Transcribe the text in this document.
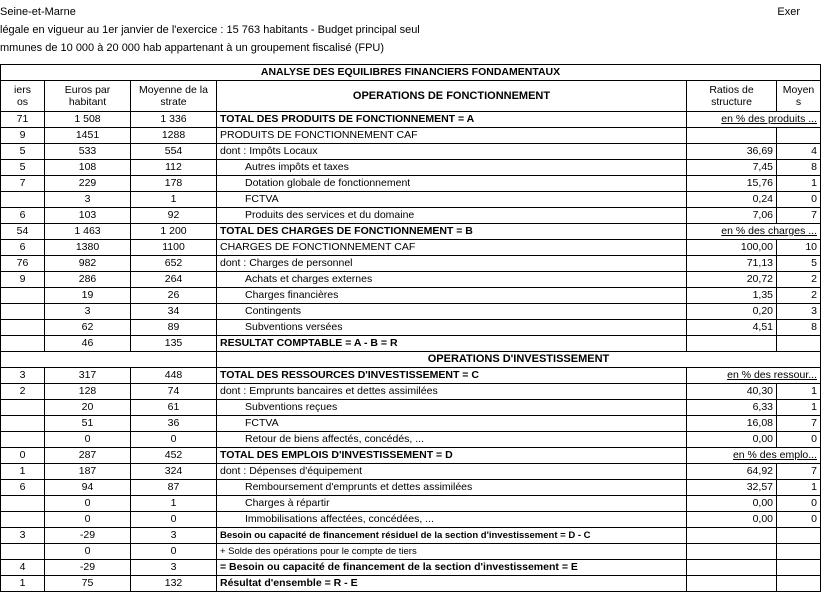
Seine-et-Marne
légale en vigueur au 1er janvier de l'exercice : 15 763 habitants - Budget principal seul
mmunes de 10 000 à 20 000 hab appartenant à un groupement fiscalisé (FPU)
Exer
ANALYSE DES EQUILIBRES FINANCIERS FONDAMENTAUX					
iers
os	Euros par habitant	Moyenne de la strate	OPERATIONS DE FONCTIONNEMENT	Ratios de structure	Moyen s
71	1 508	1 336	TOTAL DES PRODUITS DE FONCTIONNEMENT = A	en % des produits ...	
9	1451	1288	PRODUITS DE FONCTIONNEMENT CAF		
5	533	554	dont : Impôts Locaux	36,69	4
5	108	112	Autres impôts et taxes	7,45	8
7	229	178	Dotation globale de fonctionnement	15,76	1
	3	1	FCTVA	0,24	0
6	103	92	Produits des services et du domaine	7,06	7
54	1 463	1 200	TOTAL DES CHARGES DE FONCTIONNEMENT = B	en % des charges ...	
6	1380	1100	CHARGES DE FONCTIONNEMENT CAF	100,00	10
76	982	652	dont : Charges de personnel	71,13	5
9	286	264	Achats et charges externes	20,72	2
	19	26	Charges financières	1,35	2
	3	34	Contingents	0,20	3
	62	89	Subventions versées	4,51	8
	46	135	RESULTAT COMPTABLE = A - B = R		
			OPERATIONS D'INVESTISSEMENT		
3	317	448	TOTAL DES RESSOURCES D'INVESTISSEMENT = C	en % des ressour...	
2	128	74	dont : Emprunts bancaires et dettes assimilées	40,30	1
	20	61	Subventions reçues	6,33	1
	51	36	FCTVA	16,08	7
	0	0	Retour de biens affectés, concédés, ...	0,00	0
0	287	452	TOTAL DES EMPLOIS D'INVESTISSEMENT = D	en % des emplo...	
1	187	324	dont : Dépenses d'équipement	64,92	7
6	94	87	Remboursement d'emprunts et dettes assimilées	32,57	1
	0	1	Charges à répartir	0,00	0
	0	0	Immobilisations affectées, concédées, ...	0,00	0
3	-29	3	Besoin ou capacité de financement résiduel de la section d'investissement = D - C		
	0	0	+ Solde des opérations pour le compte de tiers		
4	-29	3	= Besoin ou capacité de financement de la section d'investissement = E		
1	75	132	Résultat d'ensemble = R - E		
